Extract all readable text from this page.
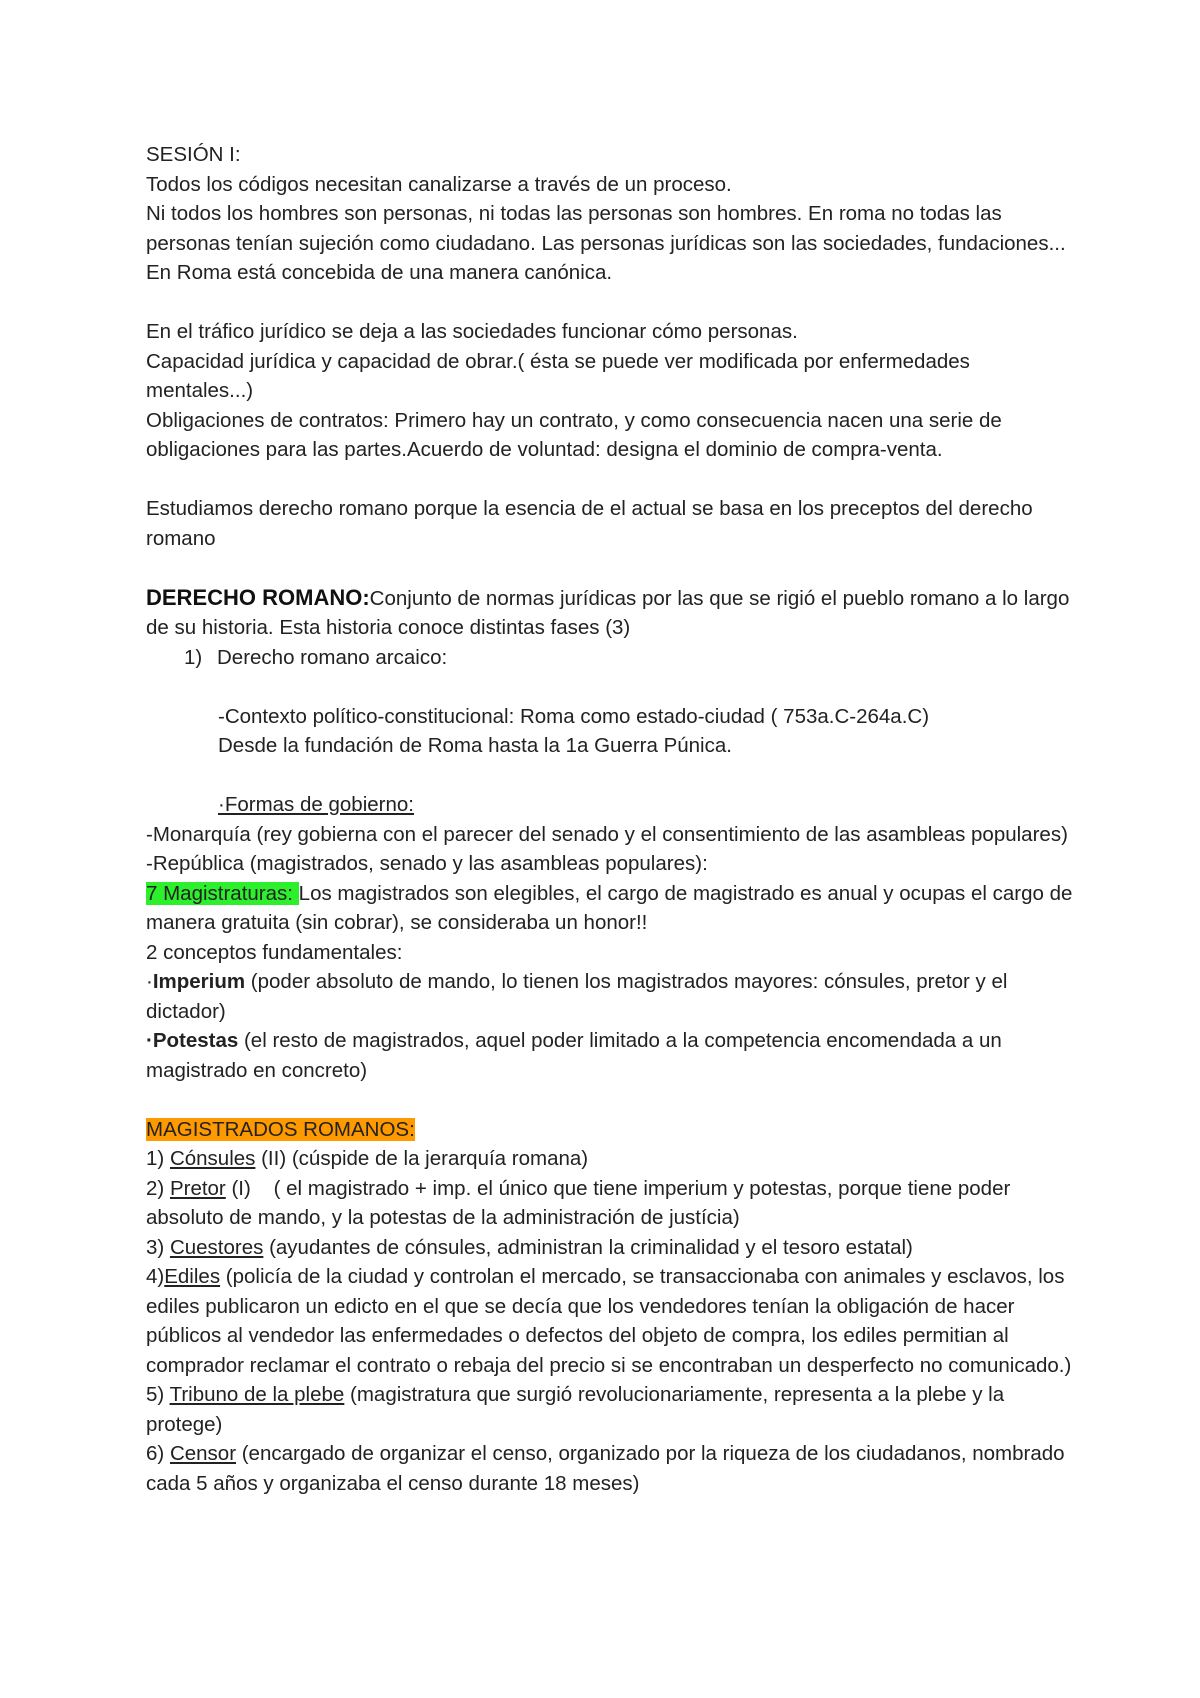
SESIÓN I:

Todos los códigos necesitan canalizarse a través de un proceso.

Ni todos los hombres son personas, ni todas las personas son hombres. En roma no todas las personas tenían sujeción como ciudadano. Las personas jurídicas son las sociedades, fundaciones... En Roma está concebida de una manera canónica.

En el tráfico jurídico se deja a las sociedades funcionar cómo personas.

Capacidad jurídica y capacidad de obrar.( ésta se puede ver modificada por enfermedades mentales...)

Obligaciones de contratos: Primero hay un contrato, y como consecuencia nacen una serie de obligaciones para las partes.Acuerdo de voluntad: designa el dominio de compra-venta.

Estudiamos derecho romano porque la esencia de el actual se basa en los preceptos del derecho romano

DERECHO ROMANO:Conjunto de normas jurídicas por las que se rigió el pueblo romano a lo largo de su historia. Esta historia conoce distintas fases (3)

1) Derecho romano arcaico:

-Contexto político-constitucional: Roma como estado-ciudad ( 753a.C-264a.C)

Desde la fundación de Roma hasta la 1a Guerra Púnica.

·Formas de gobierno:

-Monarquía (rey gobierna con el parecer del senado y el consentimiento de las asambleas populares)

-República (magistrados, senado y las asambleas populares):

7 Magistraturas: Los magistrados son elegibles, el cargo de magistrado es anual y ocupas el cargo de manera gratuita (sin cobrar), se consideraba un honor!!

2 conceptos fundamentales:

·Imperium (poder absoluto de mando, lo tienen los magistrados mayores: cónsules, pretor y el dictador)

·Potestas (el resto de magistrados, aquel poder limitado a la competencia encomendada a un magistrado en concreto)

MAGISTRADOS ROMANOS:

1) Cónsules (II) (cúspide de la jerarquía romana)

2) Pretor (I)    ( el magistrado + imp. el único que tiene imperium y potestas, porque tiene poder absoluto de mando, y la potestas de la administración de justícia)

3) Cuestores (ayudantes de cónsules, administran la criminalidad y el tesoro estatal)

4)Ediles (policía de la ciudad y controlan el mercado, se transaccionaba con animales y esclavos, los ediles publicaron un edicto en el que se decía que los vendedores tenían la obligación de hacer públicos al vendedor las enfermedades o defectos del objeto de compra, los ediles permitian al comprador reclamar el contrato o rebaja del precio si se encontraban un desperfecto no comunicado.)

5) Tribuno de la plebe (magistratura que surgió revolucionariamente, representa a la plebe y la protege)

6) Censor (encargado de organizar el censo, organizado por la riqueza de los ciudadanos, nombrado cada 5 años y organizaba el censo durante 18 meses)
